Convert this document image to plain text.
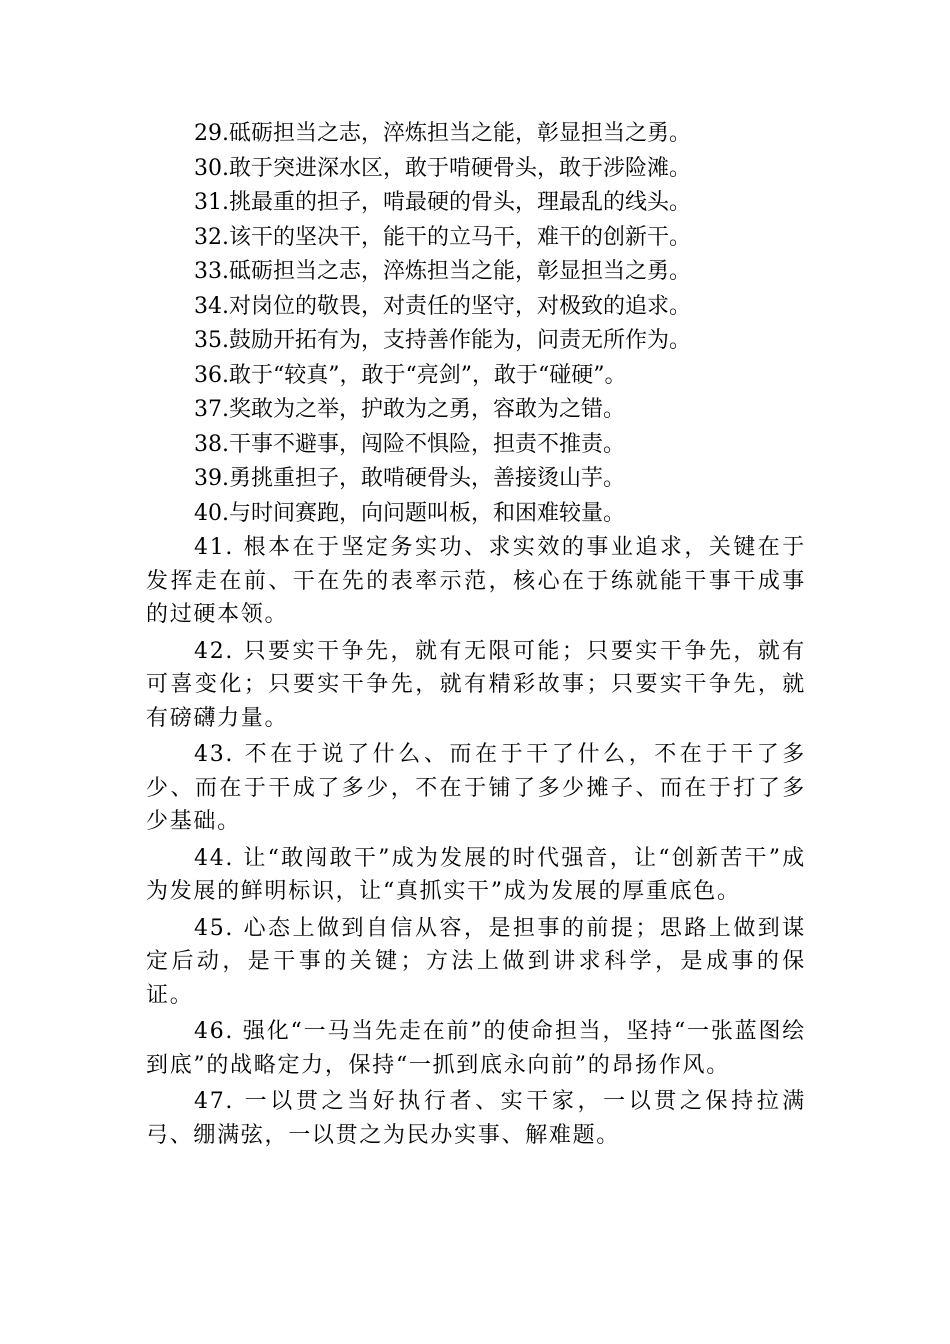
29.砥砺担当之志，淬炼担当之能，彰显担当之勇。
30.敢于突进深水区，敢于啃硬骨头，敢于涉险滩。
31.挑最重的担子，啃最硬的骨头，理最乱的线头。
32.该干的坚决干，能干的立马干，难干的创新干。
33.砥砺担当之志，淬炼担当之能，彰显担当之勇。
34.对岗位的敬畏，对责任的坚守，对极致的追求。
35.鼓励开拓有为，支持善作能为，问责无所作为。
36.敢于“较真”，敢于“亮剑”，敢于“碰硬”。
37.奖敢为之举，护敢为之勇，容敢为之错。
38.干事不避事，闯险不惧险，担责不推责。
39.勇挑重担子，敢啃硬骨头，善接烫山芋。
40.与时间赛跑，向问题叫板，和困难较量。
41. 根本在于坚定务实功、求实效的事业追求，关键在于发挥走在前、干在先的表率示范，核心在于练就能干事干成事的过硬本领。
42. 只要实干争先，就有无限可能；只要实干争先，就有可喜变化；只要实干争先，就有精彩故事；只要实干争先，就有磅礴力量。
43. 不在于说了什么、而在于干了什么，不在于干了多少、而在于干成了多少，不在于铺了多少摊子、而在于打了多少基础。
44. 让“敢闯敢干”成为发展的时代强音，让“创新苦干”成为发展的鲜明标识，让“真抓实干”成为发展的厚重底色。
45. 心态上做到自信从容，是担事的前提；思路上做到谋定后动，是干事的关键；方法上做到讲求科学，是成事的保证。
46. 强化“一马当先走在前”的使命担当，坚持“一张蓝图绘到底”的战略定力，保持“一抓到底永向前”的昂扬作风。
47. 一以贯之当好执行者、实干家，一以贯之保持拉满弓、绷满弦，一以贯之为民办实事、解难题。
